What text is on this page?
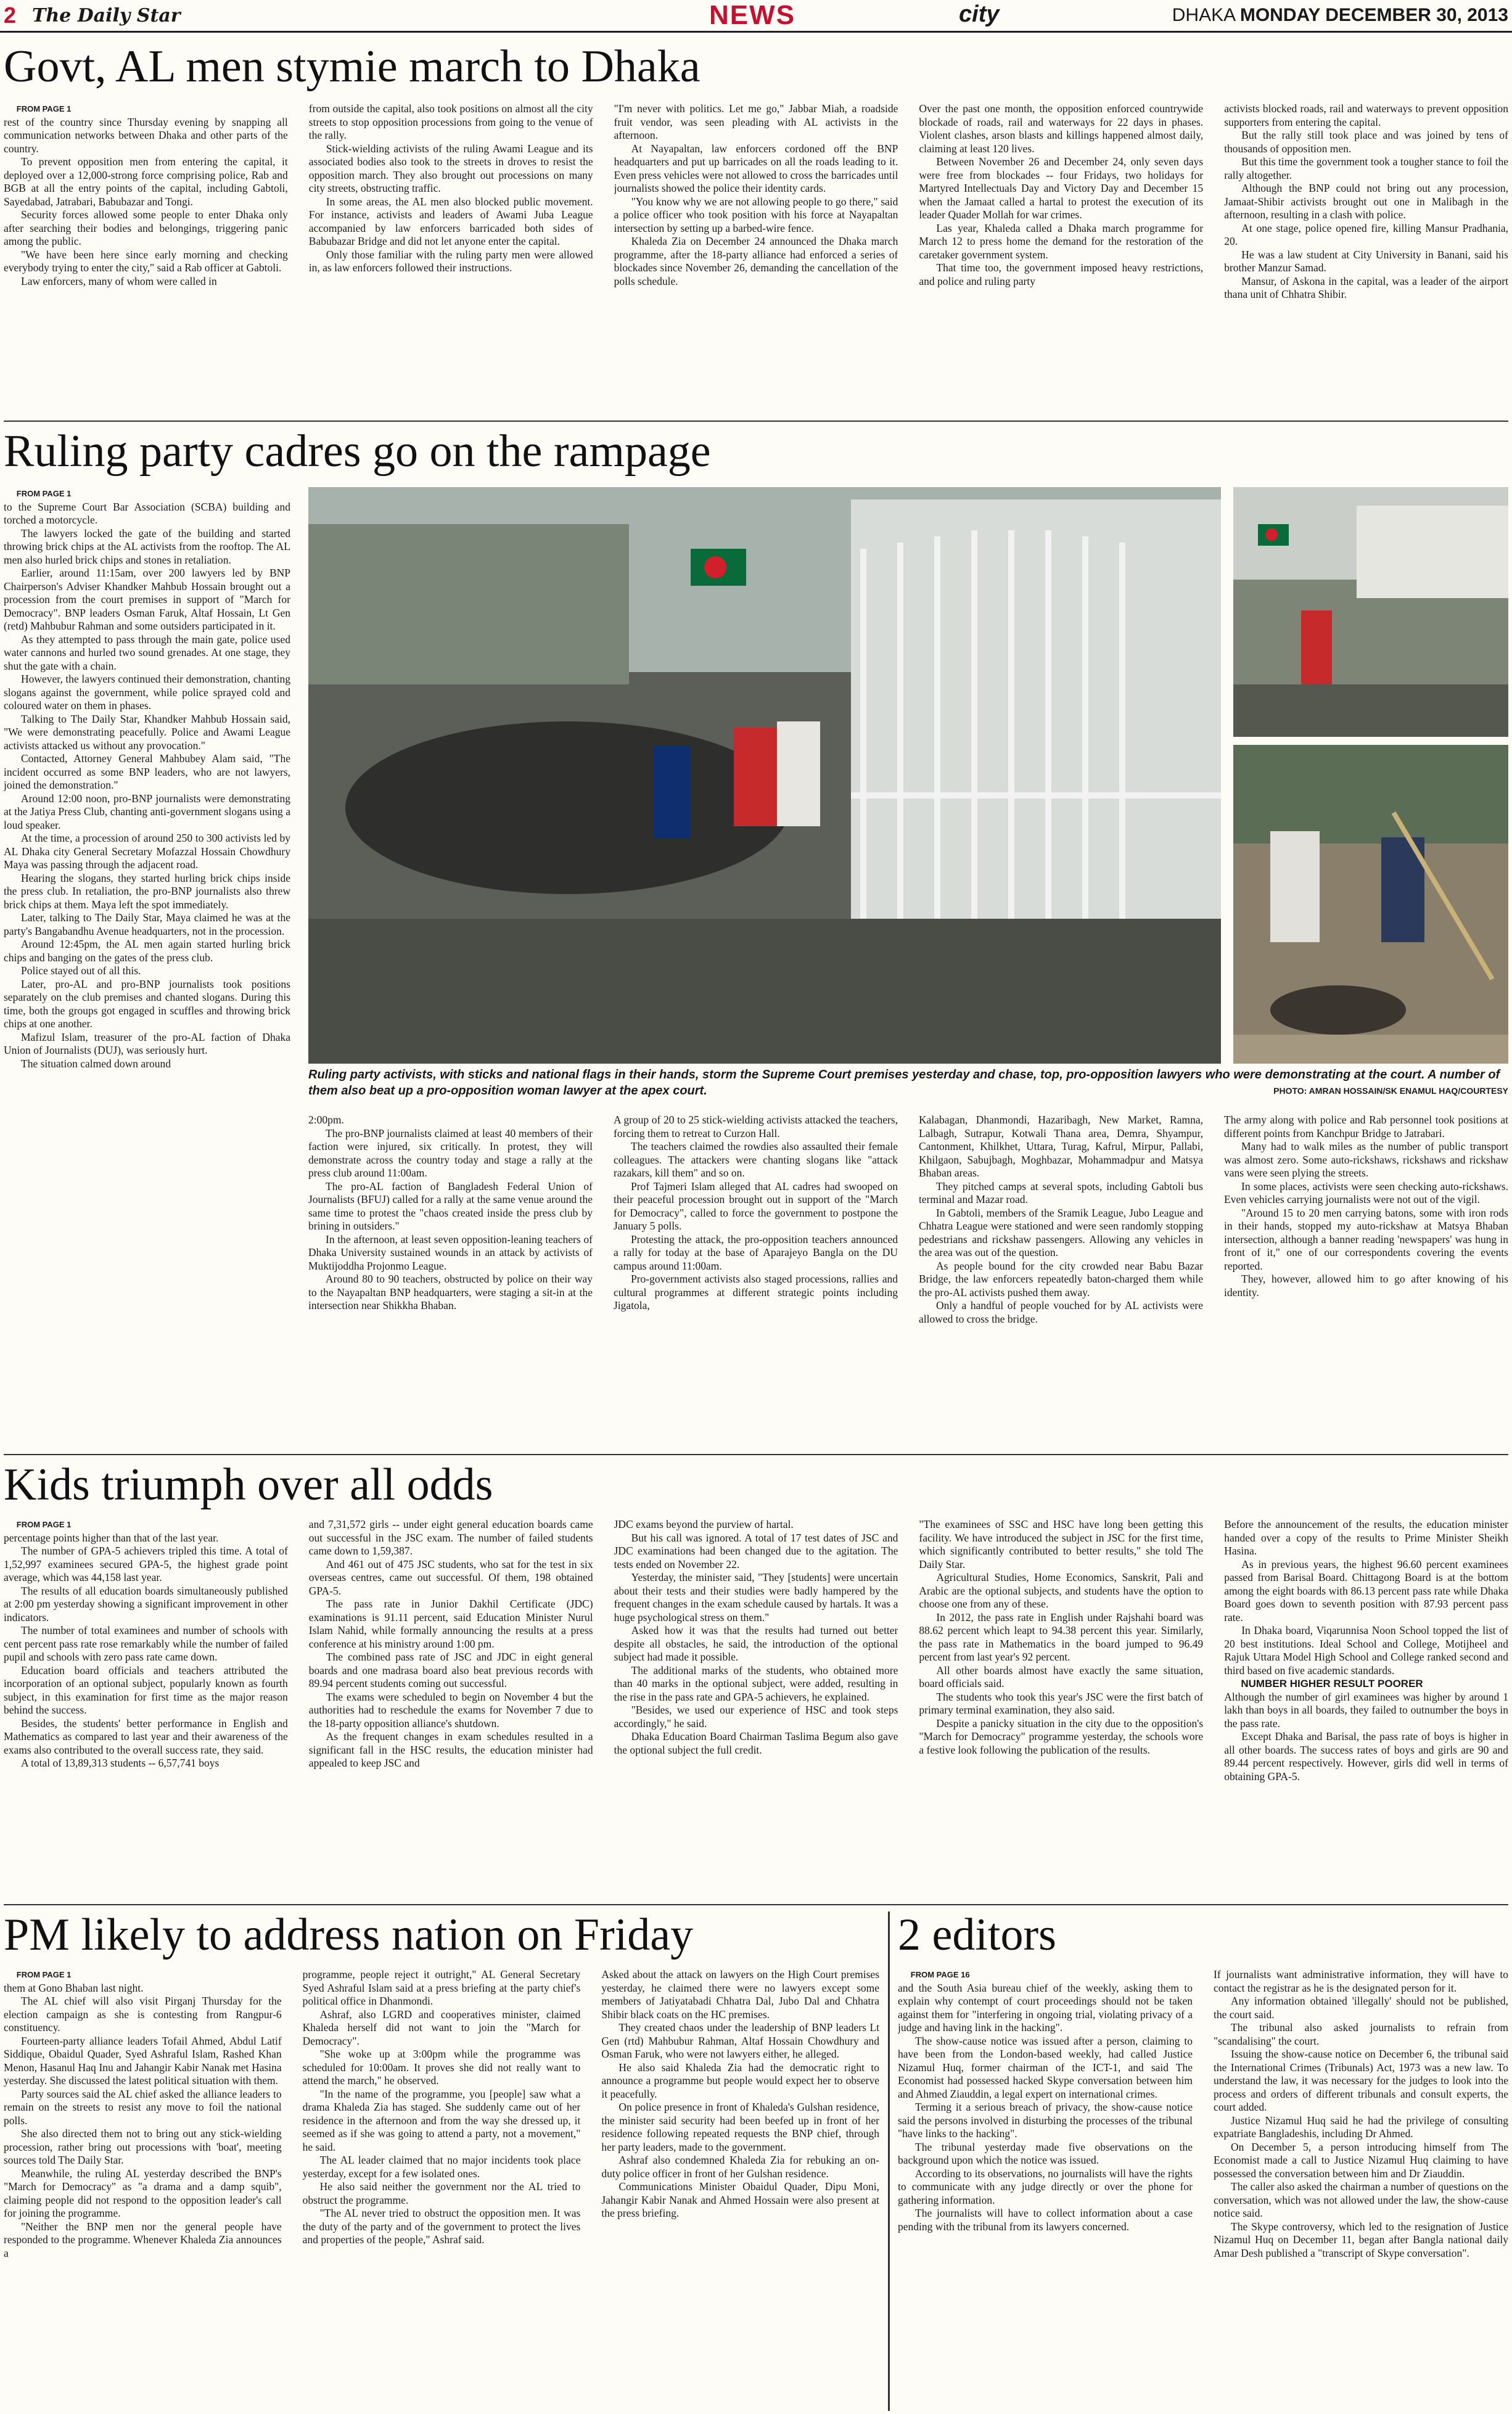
2 The Daily Star	NEWS	city	DHAKA MONDAY DECEMBER 30, 2013
Govt, AL men stymie march to Dhaka

FROM PAGE 1

rest of the country since Thursday evening by snapping all communication networks between Dhaka and other parts of the country.

To prevent opposition men from entering the capital, it deployed over a 12,000-strong force comprising police, Rab and BGB at all the entry points of the capital, including Gabtoli, Sayedabad, Jatrabari, Babubazar and Tongi.

Security forces allowed some people to enter Dhaka only after searching their bodies and belongings, triggering panic among the public.

"We have been here since early morning and checking everybody trying to enter the city," said a Rab officer at Gabtoli.

Law enforcers, many of whom were called in

from outside the capital, also took positions on almost all the city streets to stop opposition processions from going to the venue of the rally.

Stick-wielding activists of the ruling Awami League and its associated bodies also took to the streets in droves to resist the opposition march. They also brought out processions on many city streets, obstructing traffic.

In some areas, the AL men also blocked public movement. For instance, activists and leaders of Awami Juba League accompanied by law enforcers barricaded both sides of Babubazar Bridge and did not let anyone enter the capital.

Only those familiar with the ruling party men were allowed in, as law enforcers followed their instructions.

"I'm never with politics. Let me go," Jabbar Miah, a roadside fruit vendor, was seen pleading with AL activists in the afternoon.

At Nayapaltan, law enforcers cordoned off the BNP headquarters and put up barricades on all the roads leading to it. Even press vehicles were not allowed to cross the barricades until journalists showed the police their identity cards.

"You know why we are not allowing people to go there," said a police officer who took position with his force at Nayapaltan intersection by setting up a barbed-wire fence.

Khaleda Zia on December 24 announced the Dhaka march programme, after the 18-party alliance had enforced a series of blockades since November 26, demanding the cancellation of the polls schedule.

Over the past one month, the opposition enforced countrywide blockade of roads, rail and waterways for 22 days in phases. Violent clashes, arson blasts and killings happened almost daily, claiming at least 120 lives.

Between November 26 and December 24, only seven days were free from blockades -- four Fridays, two holidays for Martyred Intellectuals Day and Victory Day and December 15 when the Jamaat called a hartal to protest the execution of its leader Quader Mollah for war crimes.

Las year, Khaleda called a Dhaka march programme for March 12 to press home the demand for the restoration of the caretaker government system.

That time too, the government imposed heavy restrictions, and police and ruling party

activists blocked roads, rail and waterways to prevent opposition supporters from entering the capital.

But the rally still took place and was joined by tens of thousands of opposition men.

But this time the government took a tougher stance to foil the rally altogether.

Although the BNP could not bring out any procession, Jamaat-Shibir activists brought out one in Malibagh in the afternoon, resulting in a clash with police.

At one stage, police opened fire, killing Mansur Pradhania, 20.

He was a law student at City University in Banani, said his brother Manzur Samad.

Mansur, of Askona in the capital, was a leader of the airport thana unit of Chhatra Shibir.

Ruling party cadres go on the rampage

FROM PAGE 1

to the Supreme Court Bar Association (SCBA) building and torched a motorcycle.

The lawyers locked the gate of the building and started throwing brick chips at the AL activists from the rooftop. The AL men also hurled brick chips and stones in retaliation.

Earlier, around 11:15am, over 200 lawyers led by BNP Chairperson's Adviser Khandker Mahbub Hossain brought out a procession from the court premises in support of "March for Democracy". BNP leaders Osman Faruk, Altaf Hossain, Lt Gen (retd) Mahbubur Rahman and some outsiders participated in it.

As they attempted to pass through the main gate, police used water cannons and hurled two sound grenades. At one stage, they shut the gate with a chain.

However, the lawyers continued their demonstration, chanting slogans against the government, while police sprayed cold and coloured water on them in phases.

Talking to The Daily Star, Khandker Mahbub Hossain said, "We were demonstrating peacefully. Police and Awami League activists attacked us without any provocation."

Contacted, Attorney General Mahbubey Alam said, "The incident occurred as some BNP leaders, who are not lawyers, joined the demonstration."

Around 12:00 noon, pro-BNP journalists were demonstrating at the Jatiya Press Club, chanting anti-government slogans using a loud speaker.

At the time, a procession of around 250 to 300 activists led by AL Dhaka city General Secretary Mofazzal Hossain Chowdhury Maya was passing through the adjacent road.

Hearing the slogans, they started hurling brick chips inside the press club. In retaliation, the pro-BNP journalists also threw brick chips at them. Maya left the spot immediately.

Later, talking to The Daily Star, Maya claimed he was at the party's Bangabandhu Avenue headquarters, not in the procession.

Around 12:45pm, the AL men again started hurling brick chips and banging on the gates of the press club.

Police stayed out of all this.

Later, pro-AL and pro-BNP journalists took positions separately on the club premises and chanted slogans. During this time, both the groups got engaged in scuffles and throwing brick chips at one another.

Mafizul Islam, treasurer of the pro-AL faction of Dhaka Union of Journalists (DUJ), was seriously hurt.

The situation calmed down around

Ruling party activists, with sticks and national flags in their hands, storm the Supreme Court premises yesterday and chase, top, pro-opposition lawyers who were demonstrating at the court. A number of them also beat up a pro-opposition woman lawyer at the apex court.	PHOTO: AMRAN HOSSAIN/SK ENAMUL HAQ/COURTESY

2:00pm.

The pro-BNP journalists claimed at least 40 members of their faction were injured, six critically. In protest, they will demonstrate across the country today and stage a rally at the press club around 11:00am.

The pro-AL faction of Bangladesh Federal Union of Journalists (BFUJ) called for a rally at the same venue around the same time to protest the "chaos created inside the press club by brining in outsiders."

In the afternoon, at least seven opposition-leaning teachers of Dhaka University sustained wounds in an attack by activists of Muktijoddha Projonmo League.

Around 80 to 90 teachers, obstructed by police on their way to the Nayapaltan BNP headquarters, were staging a sit-in at the intersection near Shikkha Bhaban.

A group of 20 to 25 stick-wielding activists attacked the teachers, forcing them to retreat to Curzon Hall.

The teachers claimed the rowdies also assaulted their female colleagues. The attackers were chanting slogans like "attack razakars, kill them" and so on.

Prof Tajmeri Islam alleged that AL cadres had swooped on their peaceful procession brought out in support of the "March for Democracy", called to force the government to postpone the January 5 polls.

Protesting the attack, the pro-opposition teachers announced a rally for today at the base of Aparajeyo Bangla on the DU campus around 11:00am.

Pro-government activists also staged processions, rallies and cultural programmes at different strategic points including Jigatola,

Kalabagan, Dhanmondi, Hazaribagh, New Market, Ramna, Lalbagh, Sutrapur, Kotwali Thana area, Demra, Shyampur, Cantonment, Khilkhet, Uttara, Turag, Kafrul, Mirpur, Pallabi, Khilgaon, Sabujbagh, Moghbazar, Mohammadpur and Matsya Bhaban areas.

They pitched camps at several spots, including Gabtoli bus terminal and Mazar road.

In Gabtoli, members of the Sramik League, Jubo League and Chhatra League were stationed and were seen randomly stopping pedestrians and rickshaw passengers. Allowing any vehicles in the area was out of the question.

As people bound for the city crowded near Babu Bazar Bridge, the law enforcers repeatedly baton-charged them while the pro-AL activists pushed them away.

Only a handful of people vouched for by AL activists were allowed to cross the bridge.

The army along with police and Rab personnel took positions at different points from Kanchpur Bridge to Jatrabari.

Many had to walk miles as the number of public transport was almost zero. Some auto-rickshaws, rickshaws and rickshaw vans were seen plying the streets.

In some places, activists were seen checking auto-rickshaws. Even vehicles carrying journalists were not out of the vigil.

"Around 15 to 20 men carrying batons, some with iron rods in their hands, stopped my auto-rickshaw at Matsya Bhaban intersection, although a banner reading 'newspapers' was hung in front of it," one of our correspondents covering the events reported.

They, however, allowed him to go after knowing of his identity.

Kids triumph over all odds

FROM PAGE 1

percentage points higher than that of the last year.

The number of GPA-5 achievers tripled this time. A total of 1,52,997 examinees secured GPA-5, the highest grade point average, which was 44,158 last year.

The results of all education boards simultaneously published at 2:00 pm yesterday showing a significant improvement in other indicators.

The number of total examinees and number of schools with cent percent pass rate rose remarkably while the number of failed pupil and schools with zero pass rate came down.

Education board officials and teachers attributed the incorporation of an optional subject, popularly known as fourth subject, in this examination for first time as the major reason behind the success.

Besides, the students' better performance in English and Mathematics as compared to last year and their awareness of the exams also contributed to the overall success rate, they said.

A total of 13,89,313 students -- 6,57,741 boys

and 7,31,572 girls -- under eight general education boards came out successful in the JSC exam. The number of failed students came down to 1,59,387.

And 461 out of 475 JSC students, who sat for the test in six overseas centres, came out successful. Of them, 198 obtained GPA-5.

The pass rate in Junior Dakhil Certificate (JDC) examinations is 91.11 percent, said Education Minister Nurul Islam Nahid, while formally announcing the results at a press conference at his ministry around 1:00 pm.

The combined pass rate of JSC and JDC in eight general boards and one madrasa board also beat previous records with 89.94 percent students coming out successful.

The exams were scheduled to begin on November 4 but the authorities had to reschedule the exams for November 7 due to the 18-party opposition alliance's shutdown.

As the frequent changes in exam schedules resulted in a significant fall in the HSC results, the education minister had appealed to keep JSC and

JDC exams beyond the purview of hartal.

But his call was ignored. A total of 17 test dates of JSC and JDC examinations had been changed due to the agitation. The tests ended on November 22.

Yesterday, the minister said, "They [students] were uncertain about their tests and their studies were badly hampered by the frequent changes in the exam schedule caused by hartals. It was a huge psychological stress on them."

Asked how it was that the results had turned out better despite all obstacles, he said, the introduction of the optional subject had made it possible.

The additional marks of the students, who obtained more than 40 marks in the optional subject, were added, resulting in the rise in the pass rate and GPA-5 achievers, he explained.

"Besides, we used our experience of HSC and took steps accordingly," he said.

Dhaka Education Board Chairman Taslima Begum also gave the optional subject the full credit.

"The examinees of SSC and HSC have long been getting this facility. We have introduced the subject in JSC for the first time, which significantly contributed to better results," she told The Daily Star.

Agricultural Studies, Home Economics, Sanskrit, Pali and Arabic are the optional subjects, and students have the option to choose one from any of these.

In 2012, the pass rate in English under Rajshahi board was 88.62 percent which leapt to 94.38 percent this year. Similarly, the pass rate in Mathematics in the board jumped to 96.49 percent from last year's 92 percent.

All other boards almost have exactly the same situation, board officials said.

The students who took this year's JSC were the first batch of primary terminal examination, they also said.

Despite a panicky situation in the city due to the opposition's "March for Democracy" programme yesterday, the schools wore a festive look following the publication of the results.

Before the announcement of the results, the education minister handed over a copy of the results to Prime Minister Sheikh Hasina.

As in previous years, the highest 96.60 percent examinees passed from Barisal Board. Chittagong Board is at the bottom among the eight boards with 86.13 percent pass rate while Dhaka Board goes down to seventh position with 87.93 percent pass rate.

In Dhaka board, Viqarunnisa Noon School topped the list of 20 best institutions. Ideal School and College, Motijheel and Rajuk Uttara Model High School and College ranked second and third based on five academic standards.

NUMBER HIGHER RESULT POORER

Although the number of girl examinees was higher by around 1 lakh than boys in all boards, they failed to outnumber the boys in the pass rate.

Except Dhaka and Barisal, the pass rate of boys is higher in all other boards. The success rates of boys and girls are 90 and 89.44 percent respectively. However, girls did well in terms of obtaining GPA-5.

PM likely to address nation on Friday

FROM PAGE 1

them at Gono Bhaban last night.

The AL chief will also visit Pirganj Thursday for the election campaign as she is contesting from Rangpur-6 constituency.

Fourteen-party alliance leaders Tofail Ahmed, Abdul Latif Siddique, Obaidul Quader, Syed Ashraful Islam, Rashed Khan Menon, Hasanul Haq Inu and Jahangir Kabir Nanak met Hasina yesterday. She discussed the latest political situation with them.

Party sources said the AL chief asked the alliance leaders to remain on the streets to resist any move to foil the national polls.

She also directed them not to bring out any stick-wielding procession, rather bring out processions with 'boat', meeting sources told The Daily Star.

Meanwhile, the ruling AL yesterday described the BNP's "March for Democracy" as "a drama and a damp squib", claiming people did not respond to the opposition leader's call for joining the programme.

"Neither the BNP men nor the general people have responded to the programme. Whenever Khaleda Zia announces a

programme, people reject it outright," AL General Secretary Syed Ashraful Islam said at a press briefing at the party chief's political office in Dhanmondi.

Ashraf, also LGRD and cooperatives minister, claimed Khaleda herself did not want to join the "March for Democracy".

"She woke up at 3:00pm while the programme was scheduled for 10:00am. It proves she did not really want to attend the march," he observed.

"In the name of the programme, you [people] saw what a drama Khaleda Zia has staged. She suddenly came out of her residence in the afternoon and from the way she dressed up, it seemed as if she was going to attend a party, not a movement," he said.

The AL leader claimed that no major incidents took place yesterday, except for a few isolated ones.

He also said neither the government nor the AL tried to obstruct the programme.

"The AL never tried to obstruct the opposition men. It was the duty of the party and of the government to protect the lives and properties of the people," Ashraf said.

Asked about the attack on lawyers on the High Court premises yesterday, he claimed there were no lawyers except some members of Jatiyatabadi Chhatra Dal, Jubo Dal and Chhatra Shibir black coats on the HC premises.

They created chaos under the leadership of BNP leaders Lt Gen (rtd) Mahbubur Rahman, Altaf Hossain Chowdhury and Osman Faruk, who were not lawyers either, he alleged.

He also said Khaleda Zia had the democratic right to announce a programme but people would expect her to observe it peacefully.

On police presence in front of Khaleda's Gulshan residence, the minister said security had been beefed up in front of her residence following repeated requests the BNP chief, through her party leaders, made to the government.

Ashraf also condemned Khaleda Zia for rebuking an on-duty police officer in front of her Gulshan residence.

Communications Minister Obaidul Quader, Dipu Moni, Jahangir Kabir Nanak and Ahmed Hossain were also present at the press briefing.

2 editors

FROM PAGE 16

and the South Asia bureau chief of the weekly, asking them to explain why contempt of court proceedings should not be taken against them for "interfering in ongoing trial, violating privacy of a judge and having link in the hacking".

The show-cause notice was issued after a person, claiming to have been from the London-based weekly, had called Justice Nizamul Huq, former chairman of the ICT-1, and said The Economist had possessed hacked Skype conversation between him and Ahmed Ziauddin, a legal expert on international crimes.

Terming it a serious breach of privacy, the show-cause notice said the persons involved in disturbing the processes of the tribunal "have links to the hacking".

The tribunal yesterday made five observations on the background upon which the notice was issued.

According to its observations, no journalists will have the rights to communicate with any judge directly or over the phone for gathering information.

The journalists will have to collect information about a case pending with the tribunal from its lawyers concerned.

If journalists want administrative information, they will have to contact the registrar as he is the designated person for it.

Any information obtained 'illegally' should not be published, the court said.

The tribunal also asked journalists to refrain from "scandalising" the court.

Issuing the show-cause notice on December 6, the tribunal said the International Crimes (Tribunals) Act, 1973 was a new law. To understand the law, it was necessary for the judges to look into the process and orders of different tribunals and consult experts, the court added.

Justice Nizamul Huq said he had the privilege of consulting expatriate Bangladeshis, including Dr Ahmed.

On December 5, a person introducing himself from The Economist made a call to Justice Nizamul Huq claiming to have possessed the conversation between him and Dr Ziauddin.

The caller also asked the chairman a number of questions on the conversation, which was not allowed under the law, the show-cause notice said.

The Skype controversy, which led to the resignation of Justice Nizamul Huq on December 11, began after Bangla national daily Amar Desh published a "transcript of Skype conversation".
